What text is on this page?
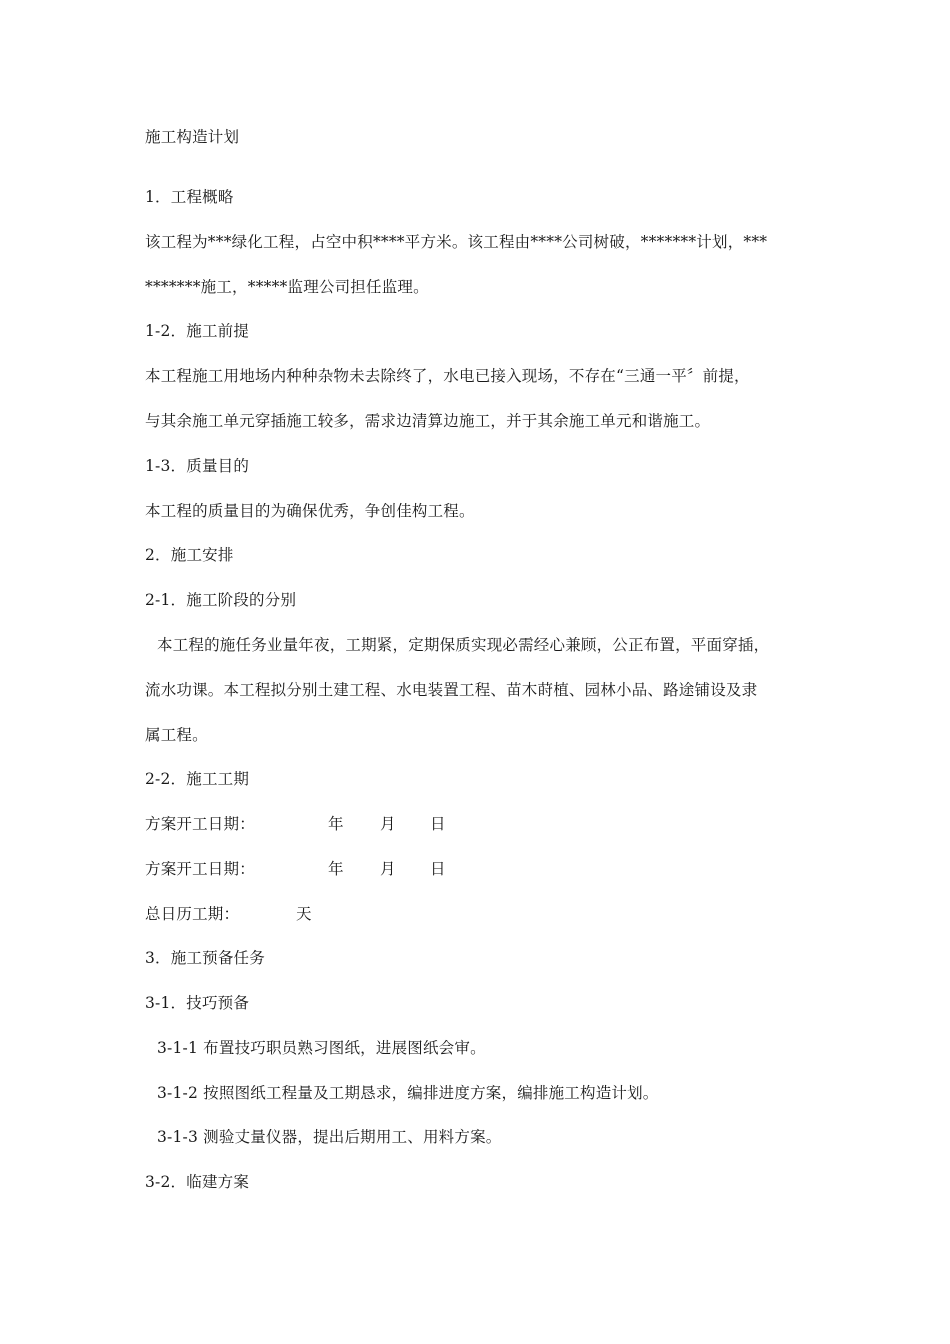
施工构造计划
1．工程概略
该工程为***绿化工程，占空中积****平方米。该工程由****公司树破，*******计划，***
*******施工，*****监理公司担任监理。
1-2．施工前提
本工程施工用地场内种种杂物未去除终了，水电已接入现场，不存在“三通一平〞前提，
与其余施工单元穿插施工较多，需求边清算边施工，并于其余施工单元和谐施工。
1-3．质量目的
本工程的质量目的为确保优秀，争创佳构工程。
2．施工安排
2-1．施工阶段的分别
本工程的施任务业量年夜，工期紧，定期保质实现必需经心兼顾，公正布置，平面穿插，
流水功课。本工程拟分别土建工程、水电装置工程、苗木莳植、园林小品、路途铺设及隶
属工程。
2-2．施工工期
方案开工日期：	年 月 日
方案开工日期：	年 月 日
总日历工期：	天
3．施工预备任务
3-1．技巧预备
3-1-1 布置技巧职员熟习图纸，进展图纸会审。
3-1-2 按照图纸工程量及工期恳求，编排进度方案，编排施工构造计划。
3-1-3 测验丈量仪器，提出后期用工、用料方案。
3-2．临建方案
